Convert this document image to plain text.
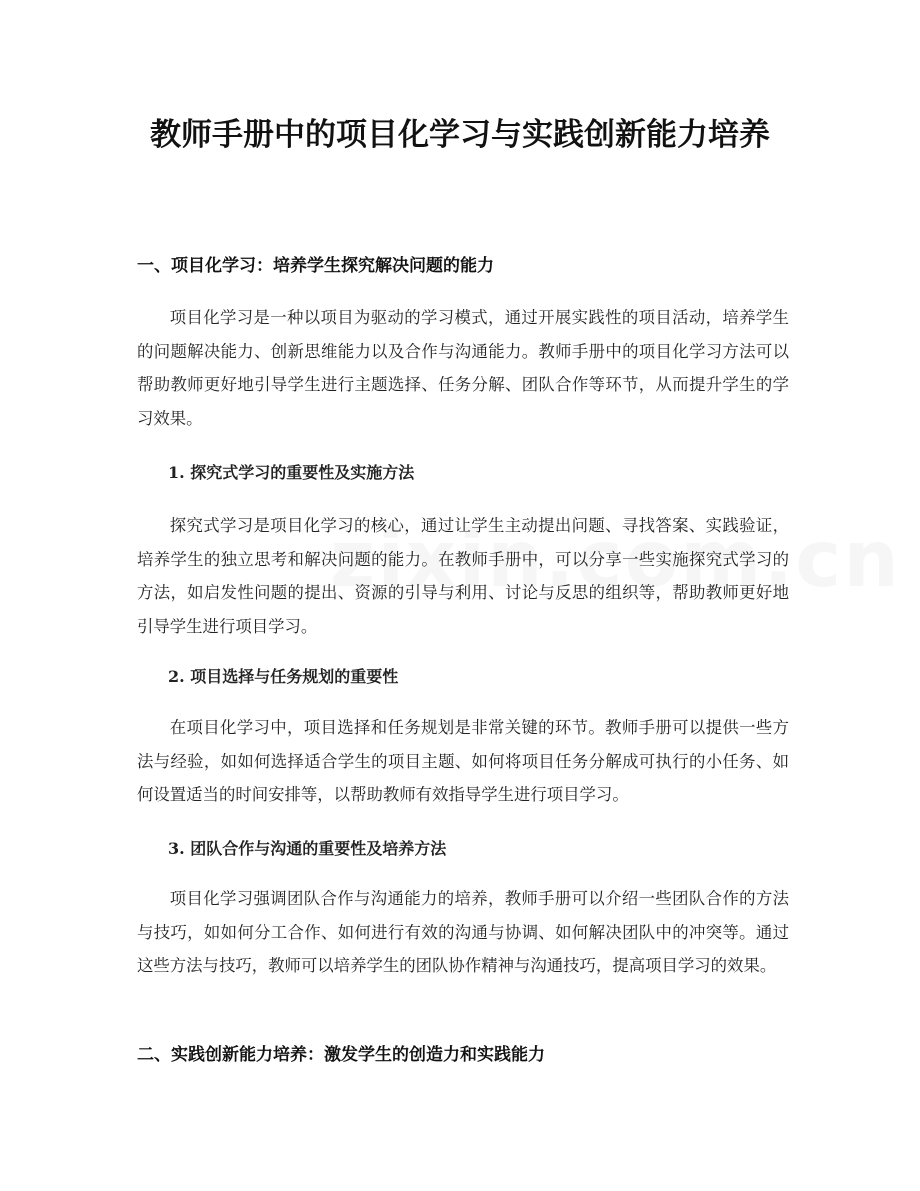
教师手册中的项目化学习与实践创新能力培养
一、项目化学习：培养学生探究解决问题的能力

项目化学习是一种以项目为驱动的学习模式，通过开展实践性的项目活动，培养学生的问题解决能力、创新思维能力以及合作与沟通能力。教师手册中的项目化学习方法可以帮助教师更好地引导学生进行主题选择、任务分解、团队合作等环节，从而提升学生的学习效果。

1. 探究式学习的重要性及实施方法

探究式学习是项目化学习的核心，通过让学生主动提出问题、寻找答案、实践验证，培养学生的独立思考和解决问题的能力。在教师手册中，可以分享一些实施探究式学习的方法，如启发性问题的提出、资源的引导与利用、讨论与反思的组织等，帮助教师更好地引导学生进行项目学习。

2. 项目选择与任务规划的重要性

在项目化学习中，项目选择和任务规划是非常关键的环节。教师手册可以提供一些方法与经验，如如何选择适合学生的项目主题、如何将项目任务分解成可执行的小任务、如何设置适当的时间安排等，以帮助教师有效指导学生进行项目学习。

3. 团队合作与沟通的重要性及培养方法

项目化学习强调团队合作与沟通能力的培养，教师手册可以介绍一些团队合作的方法与技巧，如如何分工合作、如何进行有效的沟通与协调、如何解决团队中的冲突等。通过这些方法与技巧，教师可以培养学生的团队协作精神与沟通技巧，提高项目学习的效果。

二、实践创新能力培养：激发学生的创造力和实践能力
